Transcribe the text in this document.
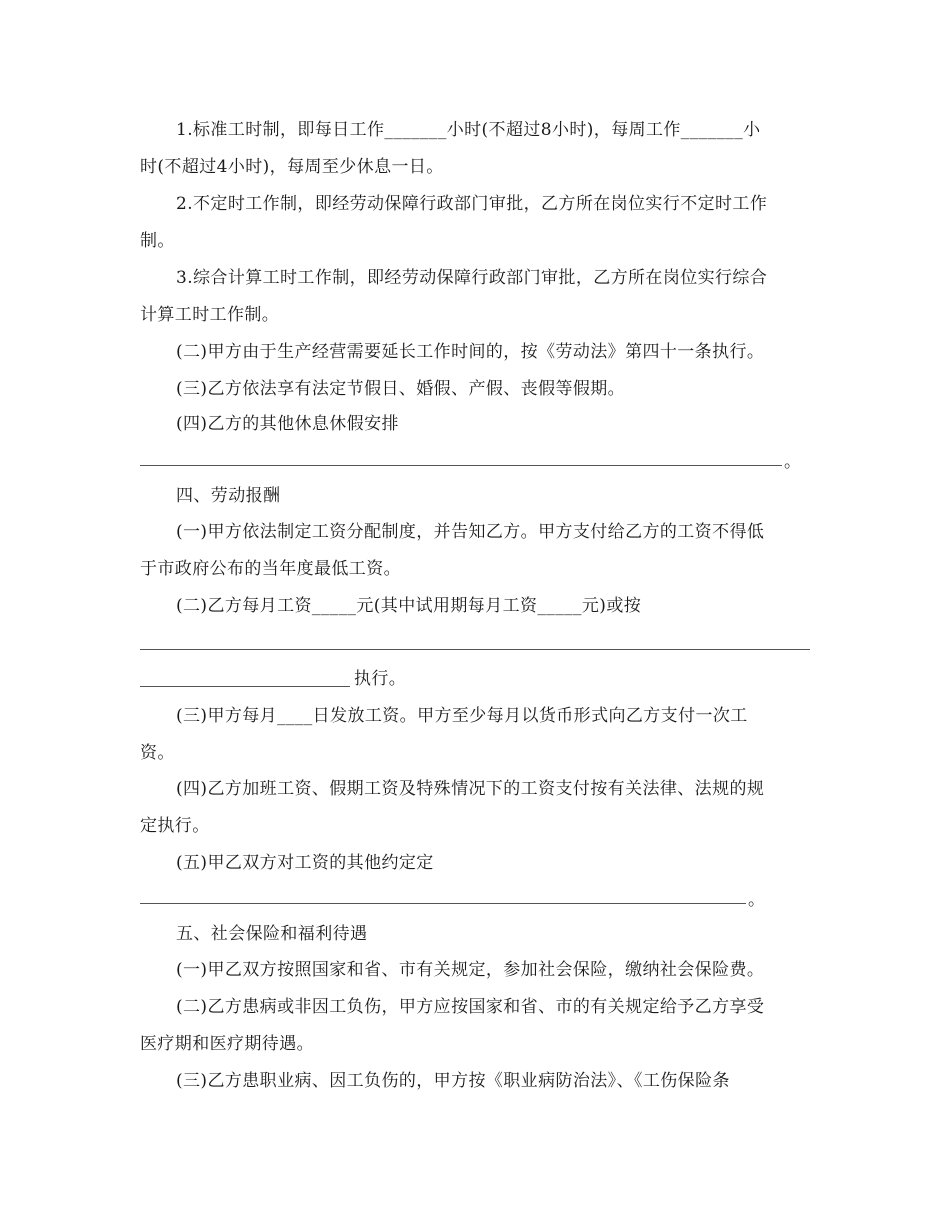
1.标准工时制，即每日工作_______小时(不超过8小时)，每周工作_______小
时(不超过4小时)，每周至少休息一日。
2.不定时工作制，即经劳动保障行政部门审批，乙方所在岗位实行不定时工作
制。
3.综合计算工时工作制，即经劳动保障行政部门审批，乙方所在岗位实行综合
计算工时工作制。
(二)甲方由于生产经营需要延长工作时间的，按《劳动法》第四十一条执行。
(三)乙方依法享有法定节假日、婚假、产假、丧假等假期。
(四)乙方的其他休息休假安排
。
四、劳动报酬
(一)甲方依法制定工资分配制度，并告知乙方。甲方支付给乙方的工资不得低
于市政府公布的当年度最低工资。
(二)乙方每月工资_____元(其中试用期每月工资_____元)或按
执行。
(三)甲方每月____日发放工资。甲方至少每月以货币形式向乙方支付一次工
资。
(四)乙方加班工资、假期工资及特殊情况下的工资支付按有关法律、法规的规
定执行。
(五)甲乙双方对工资的其他约定定
。
五、社会保险和福利待遇
(一)甲乙双方按照国家和省、市有关规定，参加社会保险，缴纳社会保险费。
(二)乙方患病或非因工负伤，甲方应按国家和省、市的有关规定给予乙方享受
医疗期和医疗期待遇。
(三)乙方患职业病、因工负伤的，甲方按《职业病防治法》、《工伤保险条
